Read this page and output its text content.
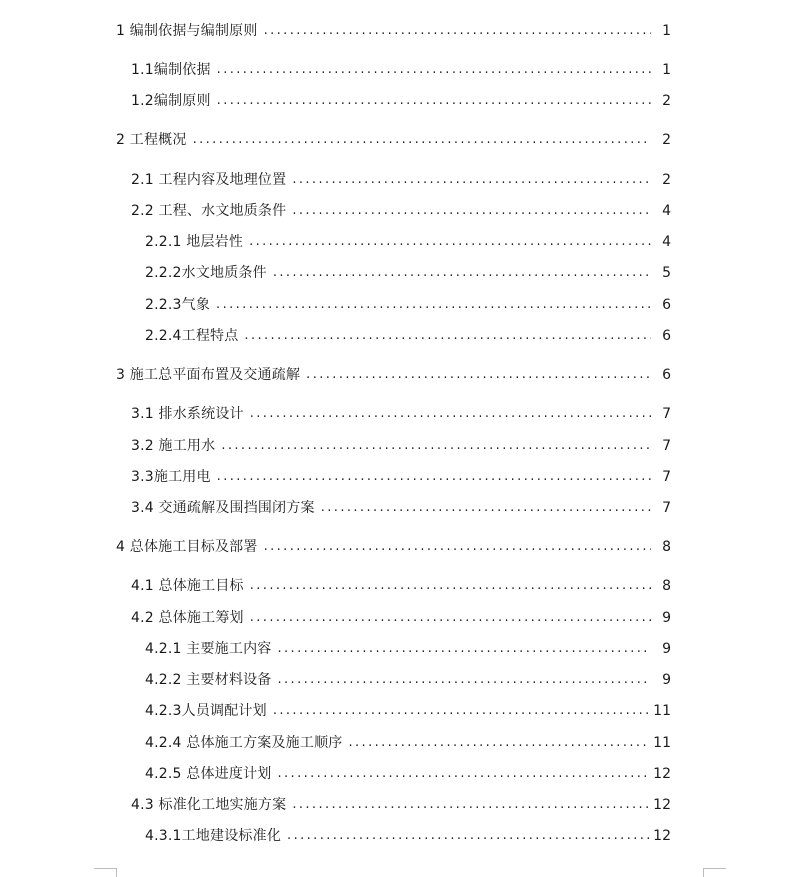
1 编制依据与编制原则 .....	1
1.1编制依据 .....	1
1.2编制原则 .....	2
2 工程概况 .....	2
2.1 工程内容及地理位置 .....	2
2.2 工程、水文地质条件 .....	4
2.2.1 地层岩性 .....	4
2.2.2水文地质条件 .....	5
2.2.3气象 .....	6
2.2.4工程特点 .....	6
3 施工总平面布置及交通疏解 .....	6
3.1 排水系统设计 .....	7
3.2 施工用水 .....	7
3.3施工用电 .....	7
3.4 交通疏解及围挡围闭方案 .....	7
4 总体施工目标及部署 .....	8
4.1 总体施工目标 .....	8
4.2 总体施工筹划 .....	9
4.2.1 主要施工内容 .....	9
4.2.2 主要材料设备 .....	9
4.2.3人员调配计划 .....	11
4.2.4 总体施工方案及施工顺序 .....	11
4.2.5 总体进度计划 .....	12
4.3 标准化工地实施方案 .....	12
4.3.1工地建设标准化 .....	12
